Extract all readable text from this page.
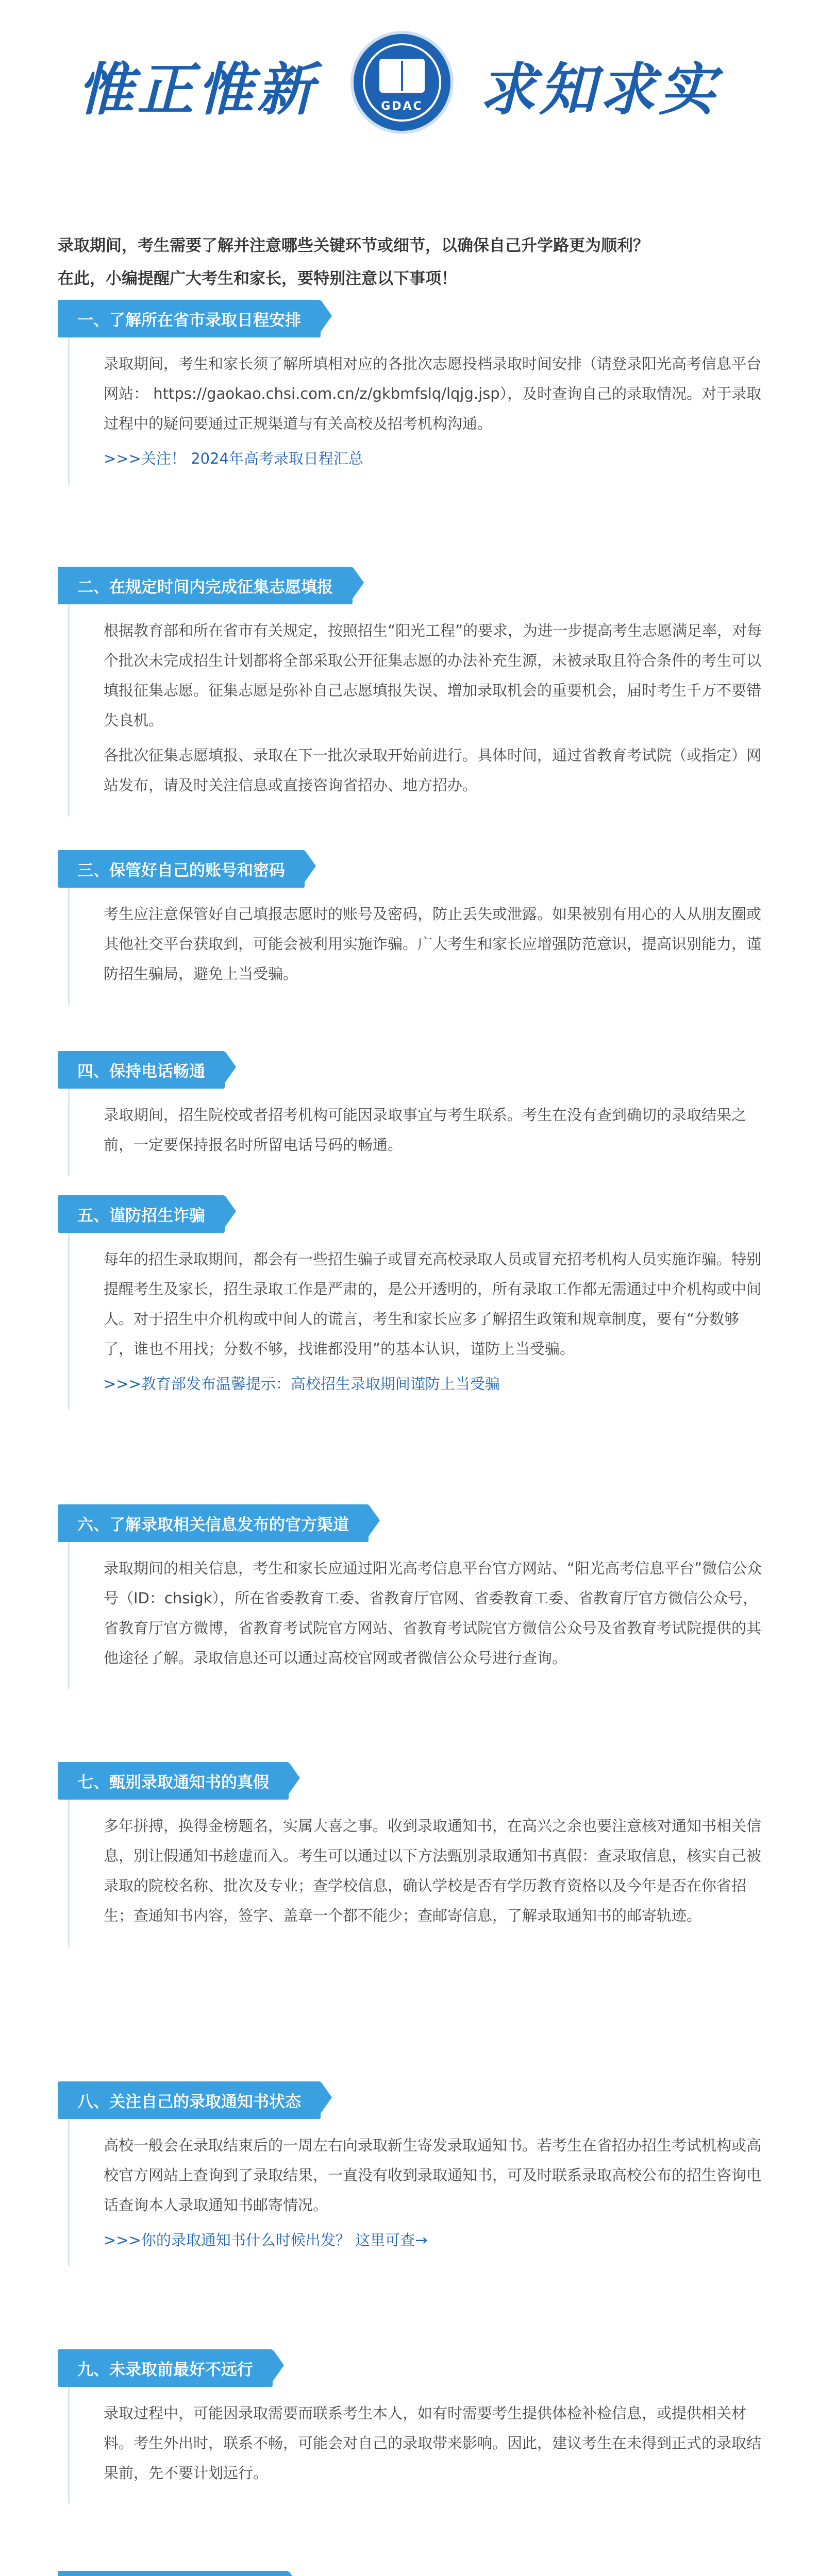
惟正惟新	GDAC 求知求实
录取期间，考生需要了解并注意哪些关键环节或细节，以确保自己升学路更为顺利？
在此，小编提醒广大考生和家长，要特别注意以下事项！
一、了解所在省市录取日程安排

录取期间，考生和家长须了解所填相对应的各批次志愿投档录取时间安排（请登录阳光高考信息平台网站： https://gaokao.chsi.com.cn/z/gkbmfslq/lqjg.jsp），及时查询自己的录取情况。对于录取过程中的疑问要通过正规渠道与有关高校及招考机构沟通。

>>>关注！ 2024年高考录取日程汇总
二、在规定时间内完成征集志愿填报

根据教育部和所在省市有关规定，按照招生“阳光工程”的要求，为进一步提高考生志愿满足率，对每个批次未完成招生计划都将全部采取公开征集志愿的办法补充生源，未被录取且符合条件的考生可以填报征集志愿。征集志愿是弥补自己志愿填报失误、增加录取机会的重要机会，届时考生千万不要错失良机。

各批次征集志愿填报、录取在下一批次录取开始前进行。具体时间，通过省教育考试院（或指定）网站发布，请及时关注信息或直接咨询省招办、地方招办。

三、保管好自己的账号和密码

考生应注意保管好自己填报志愿时的账号及密码，防止丢失或泄露。如果被别有用心的人从朋友圈或其他社交平台获取到，可能会被利用实施诈骗。广大考生和家长应增强防范意识，提高识别能力，谨防招生骗局，避免上当受骗。

四、保持电话畅通

录取期间，招生院校或者招考机构可能因录取事宜与考生联系。考生在没有查到确切的录取结果之前，一定要保持报名时所留电话号码的畅通。

五、谨防招生诈骗

每年的招生录取期间，都会有一些招生骗子或冒充高校录取人员或冒充招考机构人员实施诈骗。特别提醒考生及家长，招生录取工作是严肃的，是公开透明的，所有录取工作都无需通过中介机构或中间人。对于招生中介机构或中间人的谎言，考生和家长应多了解招生政策和规章制度，要有“分数够了，谁也不用找；分数不够，找谁都没用”的基本认识，谨防上当受骗。

>>>教育部发布温馨提示：高校招生录取期间谨防上当受骗
六、了解录取相关信息发布的官方渠道

录取期间的相关信息，考生和家长应通过阳光高考信息平台官方网站、“阳光高考信息平台”微信公众号（ID：chsigk），所在省委教育工委、省教育厅官网、省委教育工委、省教育厅官方微信公众号，省教育厅官方微博，省教育考试院官方网站、省教育考试院官方微信公众号及省教育考试院提供的其他途径了解。录取信息还可以通过高校官网或者微信公众号进行查询。

七、甄别录取通知书的真假

多年拼搏，换得金榜题名，实属大喜之事。收到录取通知书，在高兴之余也要注意核对通知书相关信息，别让假通知书趁虚而入。考生可以通过以下方法甄别录取通知书真假：查录取信息，核实自己被录取的院校名称、批次及专业；查学校信息，确认学校是否有学历教育资格以及今年是否在你省招生；查通知书内容，签字、盖章一个都不能少；查邮寄信息，了解录取通知书的邮寄轨迹。

八、关注自己的录取通知书状态

高校一般会在录取结束后的一周左右向录取新生寄发录取通知书。若考生在省招办招生考试机构或高校官方网站上查询到了录取结果，一直没有收到录取通知书，可及时联系录取高校公布的招生咨询电话查询本人录取通知书邮寄情况。

>>>你的录取通知书什么时候出发？ 这里可查→
九、未录取前最好不远行

录取过程中，可能因录取需要而联系考生本人，如有时需要考生提供体检补检信息，或提供相关材料。考生外出时，联系不畅，可能会对自己的录取带来影响。因此，建议考生在未得到正式的录取结果前，先不要计划远行。
